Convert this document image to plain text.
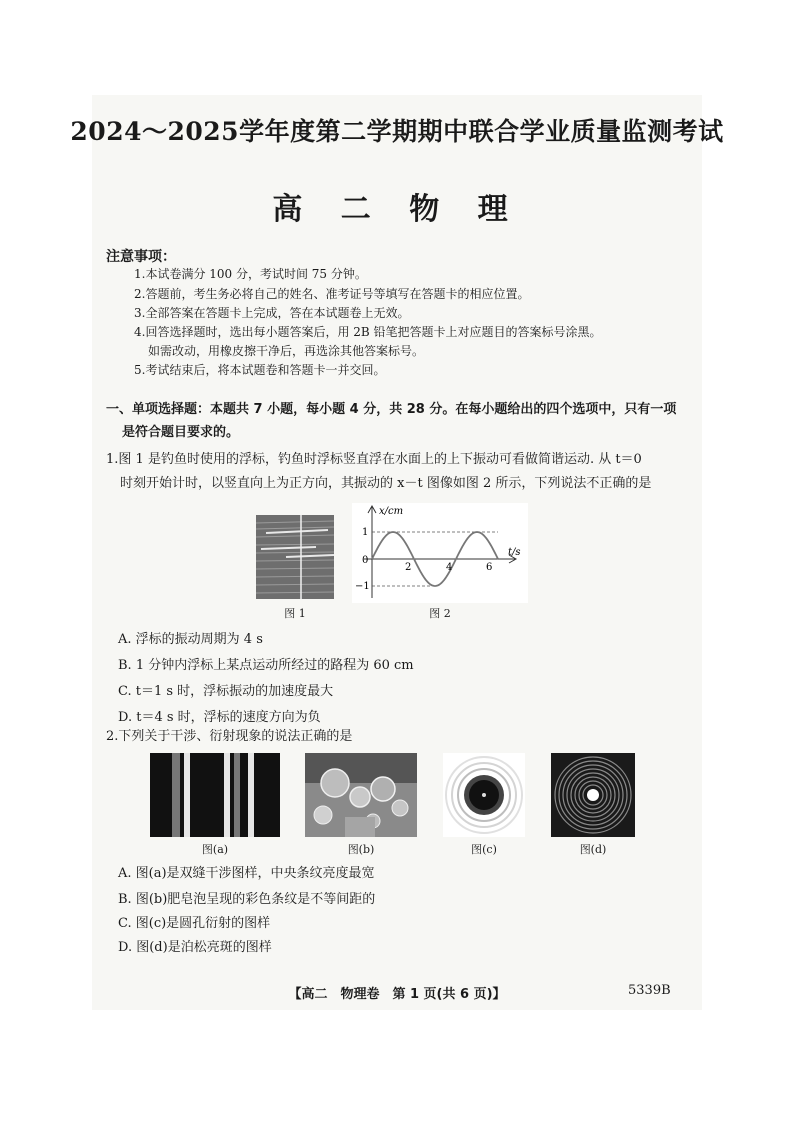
2024～2025学年度第二学期期中联合学业质量监测考试
高 二 物 理
注意事项：
1.本试卷满分 100 分，考试时间 75 分钟。
2.答题前，考生务必将自己的姓名、准考证号等填写在答题卡的相应位置。
3.全部答案在答题卡上完成，答在本试题卷上无效。
4.回答选择题时，选出每小题答案后，用 2B 铅笔把答题卡上对应题目的答案标号涂黑。
如需改动，用橡皮擦干净后，再选涂其他答案标号。
5.考试结束后，将本试题卷和答题卡一并交回。
一、单项选择题：本题共 7 小题，每小题 4 分，共 28 分。在每小题给出的四个选项中，只有一项
是符合题目要求的。
1.图 1 是钓鱼时使用的浮标，钓鱼时浮标竖直浮在水面上的上下振动可看做简谐运动. 从 t＝0
时刻开始计时，以竖直向上为正方向，其振动的 x－t 图像如图 2 所示，下列说法不正确的是
图 1
x/cm
t/s
0
1
−1
2	4	6
图 2
A. 浮标的振动周期为 4 s
B. 1 分钟内浮标上某点运动所经过的路程为 60 cm
C. t＝1 s 时，浮标振动的加速度最大
D. t＝4 s 时，浮标的速度方向为负
2.下列关于干涉、衍射现象的说法正确的是
图(a)	图(b)	图(c)	图(d)
A. 图(a)是双缝干涉图样，中央条纹亮度最宽
B. 图(b)肥皂泡呈现的彩色条纹是不等间距的
C. 图(c)是圆孔衍射的图样
D. 图(d)是泊松亮斑的图样
【高二　物理卷　第 1 页(共 6 页)】	5339B
